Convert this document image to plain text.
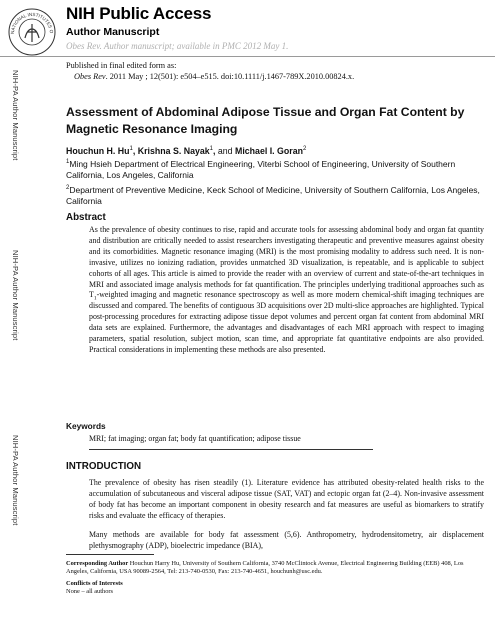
NATIONAL INSTITUTES O
NIH Public Access
Author Manuscript
Obes Rev. Author manuscript; available in PMC 2012 May 1.
NIH-PA Author Manuscript
NIH-PA Author Manuscript
NIH-PA Author Manuscript
Published in final edited form as:
Obes Rev. 2011 May ; 12(501): e504–e515. doi:10.1111/j.1467-789X.2010.00824.x.
Assessment of Abdominal Adipose Tissue and Organ Fat Content by Magnetic Resonance Imaging
Houchun H. Hu$^1$, Krishna S. Nayak$^1$, and Michael I. Goran$^2$
$^1$Ming Hsieh Department of Electrical Engineering, Viterbi School of Engineering, University of Southern California, Los Angeles, California
$^2$Department of Preventive Medicine, Keck School of Medicine, University of Southern California, Los Angeles, California
Abstract
As the prevalence of obesity continues to rise, rapid and accurate tools for assessing abdominal body and organ fat quantity and distribution are critically needed to assist researchers investigating therapeutic and preventive measures against obesity and its comorbidities. Magnetic resonance imaging (MRI) is the most promising modality to address such need. It is non-invasive, utilizes no ionizing radiation, provides unmatched 3D visualization, is repeatable, and is applicable to subject cohorts of all ages. This article is aimed to provide the reader with an overview of current and state-of-the-art techniques in MRI and associated image analysis methods for fat quantification. The principles underlying traditional approaches such as $T_1$-weighted imaging and magnetic resonance spectroscopy as well as more modern chemical-shift imaging techniques are discussed and compared. The benefits of contiguous 3D acquisitions over 2D multi-slice approaches are highlighted. Typical post-processing procedures for extracting adipose tissue depot volumes and percent organ fat content from abdominal MRI data sets are explained. Furthermore, the advantages and disadvantages of each MRI approach with respect to imaging parameters, spatial resolution, subject motion, scan time, and appropriate fat quantitative endpoints are also provided. Practical considerations in implementing these methods are also presented.
Keywords
MRI; fat imaging; organ fat; body fat quantification; adipose tissue
INTRODUCTION
The prevalence of obesity has risen steadily (1). Literature evidence has attributed obesity-related health risks to the accumulation of subcutaneous and visceral adipose tissue (SAT, VAT) and ectopic organ fat (2–4). Non-invasive assessment of body fat has become an important component in obesity research and fat measures are useful as biomarkers to stratify risks and evaluate the efficacy of therapies.
Many methods are available for body fat assessment (5,6). Anthropometry, hydrodensitometry, air displacement plethysmography (ADP), bioelectric impedance (BIA),
Corresponding Author Houchun Harry Hu, University of Southern California, 3740 McClintock Avenue, Electrical Engineering Building (EEB) 408, Los Angeles, California, USA 90089-2564, Tel: 213-740-0530, Fax: 213-740-4651, houchunh@usc.edu.
Conflicts of Interests
None – all authors
